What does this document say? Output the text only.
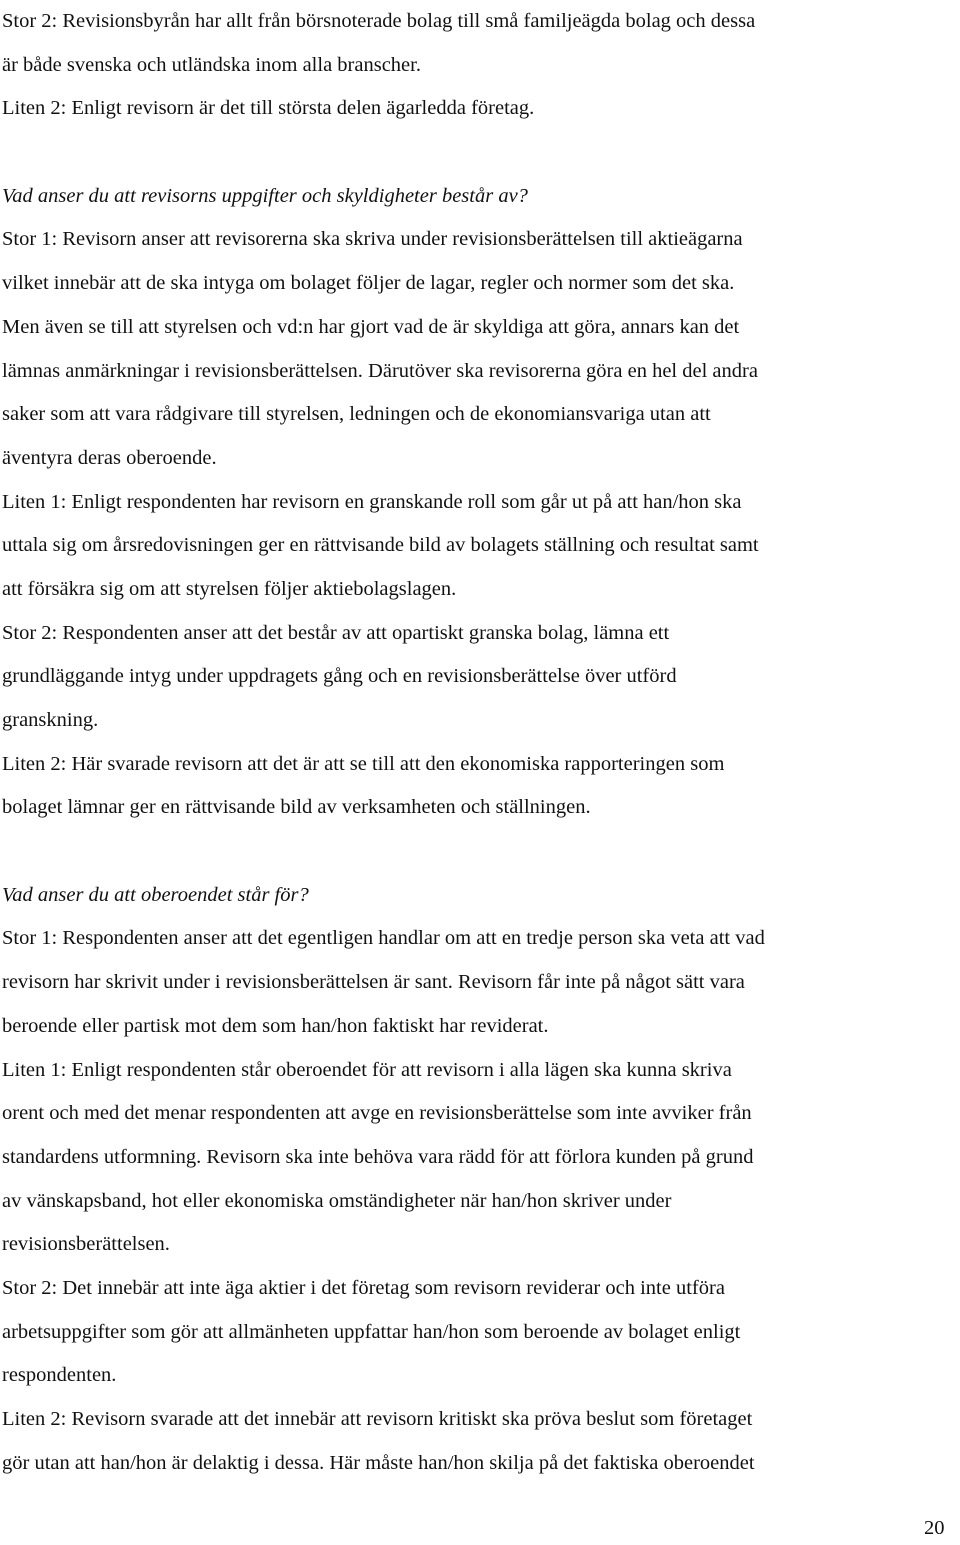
Stor 2: Revisionsbyrån har allt från börsnoterade bolag till små familjeägda bolag och dessa
är både svenska och utländska inom alla branscher.
Liten 2: Enligt revisorn är det till största delen ägarledda företag.
Vad anser du att revisorns uppgifter och skyldigheter består av?
Stor 1: Revisorn anser att revisorerna ska skriva under revisionsberättelsen till aktieägarna
vilket innebär att de ska intyga om bolaget följer de lagar, regler och normer som det ska.
Men även se till att styrelsen och vd:n har gjort vad de är skyldiga att göra, annars kan det
lämnas anmärkningar i revisionsberättelsen. Därutöver ska revisorerna göra en hel del andra
saker som att vara rådgivare till styrelsen, ledningen och de ekonomiansvariga utan att
äventyra deras oberoende.
Liten 1: Enligt respondenten har revisorn en granskande roll som går ut på att han/hon ska
uttala sig om årsredovisningen ger en rättvisande bild av bolagets ställning och resultat samt
att försäkra sig om att styrelsen följer aktiebolagslagen.
Stor 2: Respondenten anser att det består av att opartiskt granska bolag, lämna ett
grundläggande intyg under uppdragets gång och en revisionsberättelse över utförd
granskning.
Liten 2: Här svarade revisorn att det är att se till att den ekonomiska rapporteringen som
bolaget lämnar ger en rättvisande bild av verksamheten och ställningen.
Vad anser du att oberoendet står för?
Stor 1: Respondenten anser att det egentligen handlar om att en tredje person ska veta att vad
revisorn har skrivit under i revisionsberättelsen är sant. Revisorn får inte på något sätt vara
beroende eller partisk mot dem som han/hon faktiskt har reviderat.
Liten 1: Enligt respondenten står oberoendet för att revisorn i alla lägen ska kunna skriva
orent och med det menar respondenten att avge en revisionsberättelse som inte avviker från
standardens utformning. Revisorn ska inte behöva vara rädd för att förlora kunden på grund
av vänskapsband, hot eller ekonomiska omständigheter när han/hon skriver under
revisionsberättelsen.
Stor 2: Det innebär att inte äga aktier i det företag som revisorn reviderar och inte utföra
arbetsuppgifter som gör att allmänheten uppfattar han/hon som beroende av bolaget enligt
respondenten.
Liten 2: Revisorn svarade att det innebär att revisorn kritiskt ska pröva beslut som företaget
gör utan att han/hon är delaktig i dessa. Här måste han/hon skilja på det faktiska oberoendet
20
